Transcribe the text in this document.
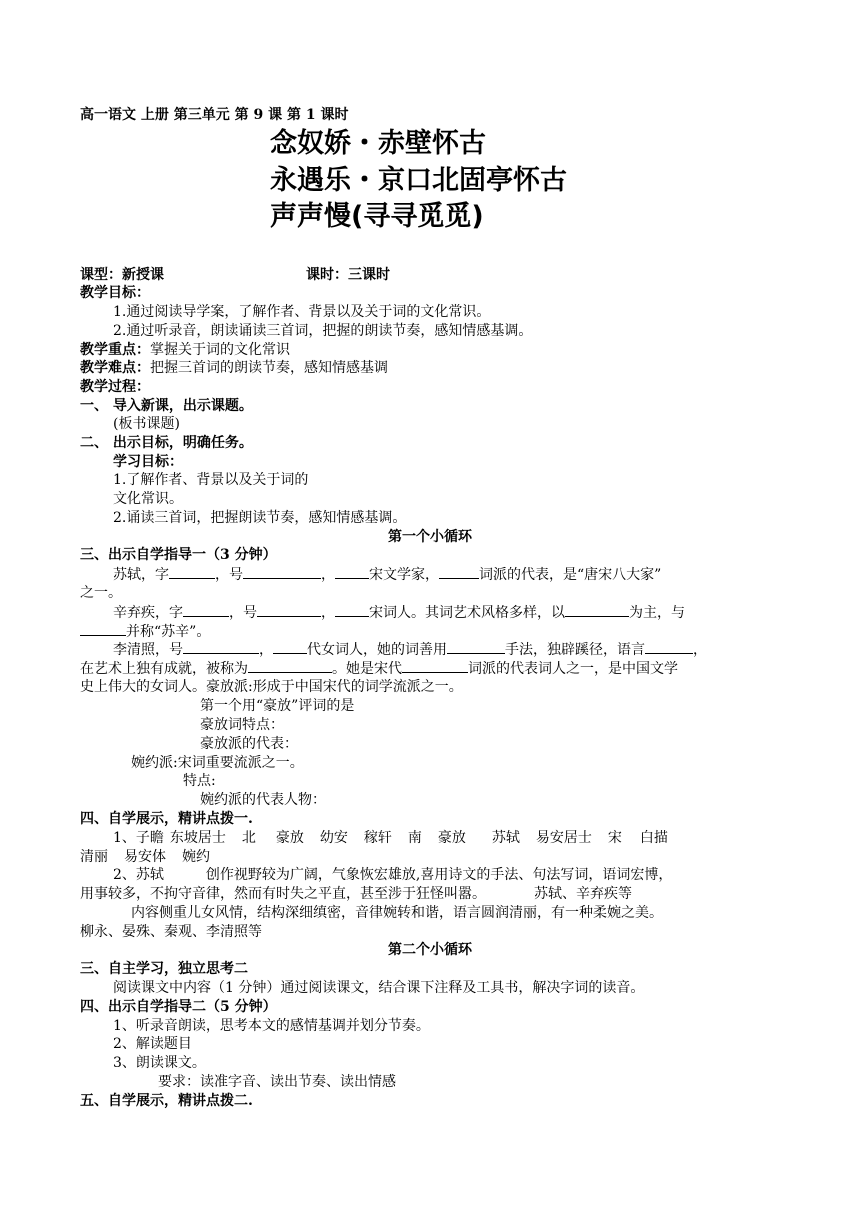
高一语文 上册 第三单元 第 9 课 第 1 课时
念奴娇・赤壁怀古
永遇乐・京口北固亭怀古
声声慢(寻寻觅觅)
课型：新授课	课时：三课时
教学目标：
1.通过阅读导学案，了解作者、背景以及关于词的文化常识。
2.通过听录音，朗读诵读三首词，把握的朗读节奏，感知情感基调。
教学重点：掌握关于词的文化常识
教学难点：把握三首词的朗读节奏，感知情感基调
教学过程：
一、 导入新课，出示课题。
(板书课题)
二、 出示目标，明确任务。
学习目标：
1.了解作者、背景以及关于词的
文化常识。
2.诵读三首词，把握朗读节奏，感知情感基调。
第一个小循环
三、出示自学指导一（3 分钟）
苏轼，字	，号	， 宋文学家，	词派的代表，是“唐宋八大家”
之一。
辛弃疾，字	，号	， 宋词人。其词艺术风格多样，以	为主，与
并称“苏辛”。
李清照，号	， 代女词人，她的词善用	手法，独辟蹊径，语言	，
在艺术上独有成就，被称为	。她是宋代	词派的代表词人之一，是中国文学
史上伟大的女词人。豪放派:形成于中国宋代的词学流派之一。
第一个用“豪放”评词的是
豪放词特点：
豪放派的代表：
婉约派:宋词重要流派之一。
特点:
婉约派的代表人物：
四、自学展示，精讲点拨一.
1、子瞻 东坡居士 北 豪放 幼安 稼轩 南 豪放 苏轼 易安居士 宋 白描
清丽 易安体 婉约
2、苏轼	创作视野较为广阔，气象恢宏雄放,喜用诗文的手法、句法写词，语词宏博，
用事较多，不拘守音律，然而有时失之平直，甚至涉于狂怪叫嚣。	苏轼、辛弃疾等
内容侧重儿女风情，结构深细缜密，音律婉转和谐，语言圆润清丽，有一种柔婉之美。
柳永、晏殊、秦观、李清照等
第二个小循环
三、自主学习，独立思考二
阅读课文中内容（1 分钟）通过阅读课文，结合课下注释及工具书，解决字词的读音。
四、出示自学指导二（5 分钟）
1、听录音朗读，思考本文的感情基调并划分节奏。
2、解读题目
3、朗读课文。
要求：读准字音、读出节奏、读出情感
五、自学展示，精讲点拨二.
